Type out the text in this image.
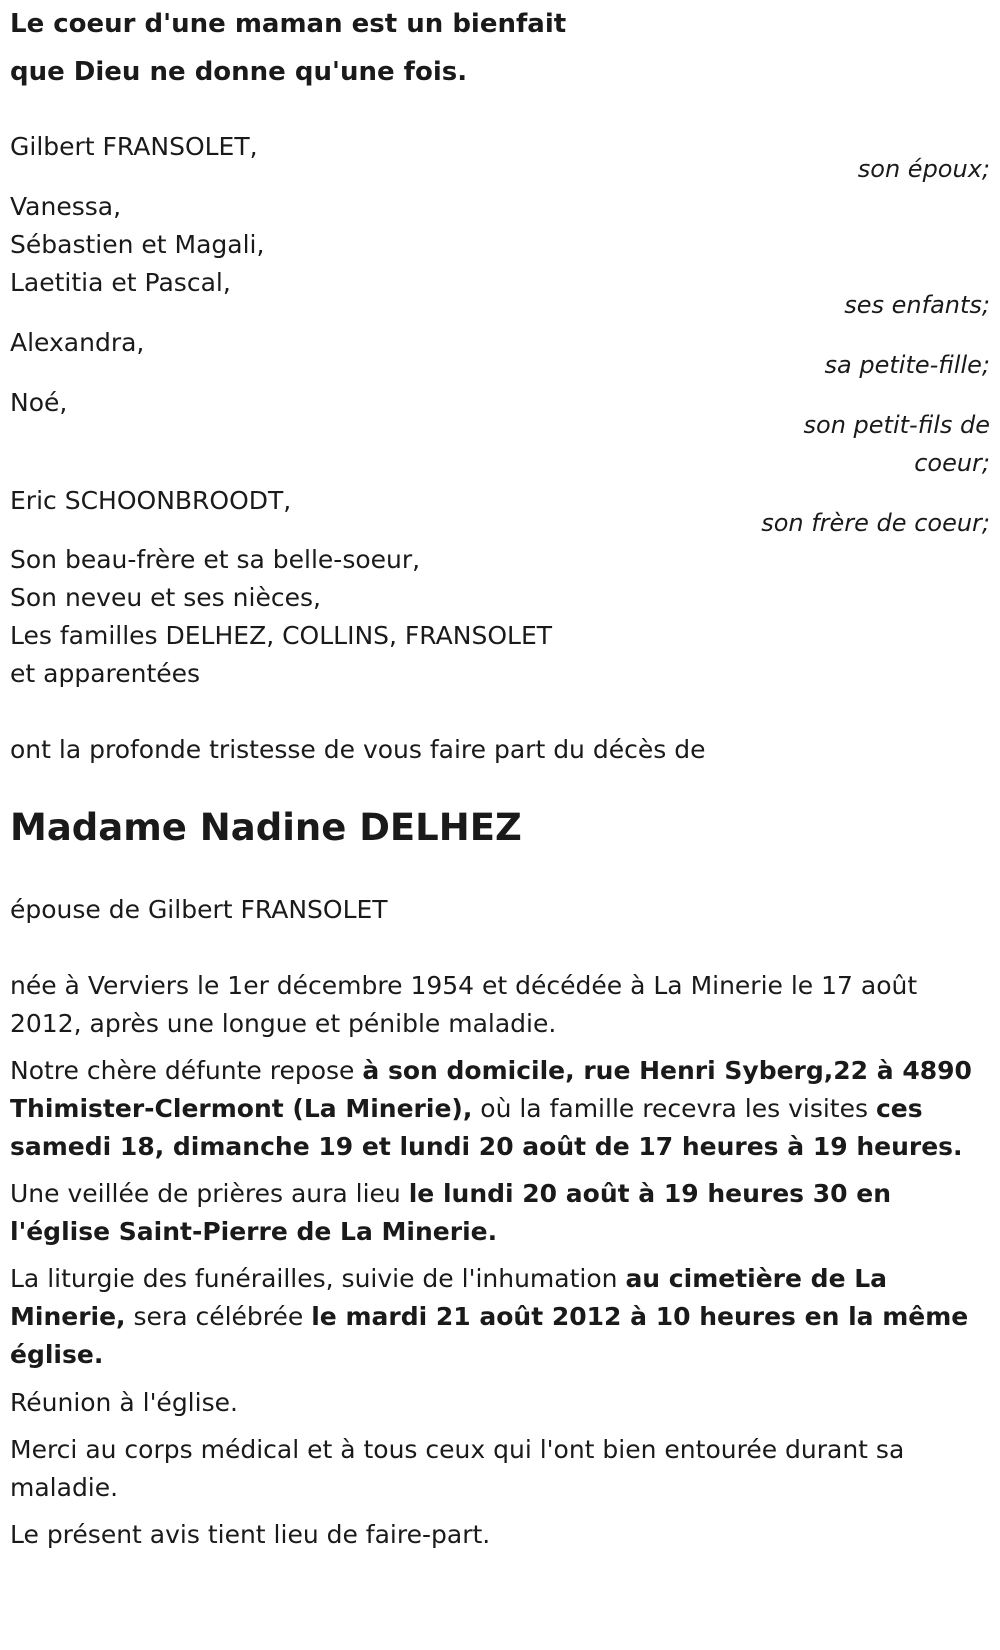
Le coeur d'une maman est un bienfait
que Dieu ne donne qu'une fois.
Gilbert FRANSOLET,
son époux;
Vanessa,
Sébastien et Magali,
Laetitia et Pascal,
ses enfants;
Alexandra,
sa petite-fille;
Noé,
son petit-fils de
coeur;
Eric SCHOONBROODT,
son frère de coeur;
Son beau-frère et sa belle-soeur,
Son neveu et ses nièces,
Les familles DELHEZ, COLLINS, FRANSOLET
et apparentées
ont la profonde tristesse de vous faire part du décès de
Madame Nadine DELHEZ
épouse de Gilbert FRANSOLET

née à Verviers le 1er décembre 1954 et décédée à La Minerie le 17 août 2012, après une longue et pénible maladie.

Notre chère défunte repose à son domicile, rue Henri Syberg,22 à 4890 Thimister-Clermont (La Minerie), où la famille recevra les visites ces samedi 18, dimanche 19 et lundi 20 août de 17 heures à 19 heures.

Une veillée de prières aura lieu le lundi 20 août à 19 heures 30 en l'église Saint-Pierre de La Minerie.

La liturgie des funérailles, suivie de l'inhumation au cimetière de La Minerie, sera célébrée le mardi 21 août 2012 à 10 heures en la même église.

Réunion à l'église.

Merci au corps médical et à tous ceux qui l'ont bien entourée durant sa maladie.

Le présent avis tient lieu de faire-part.
